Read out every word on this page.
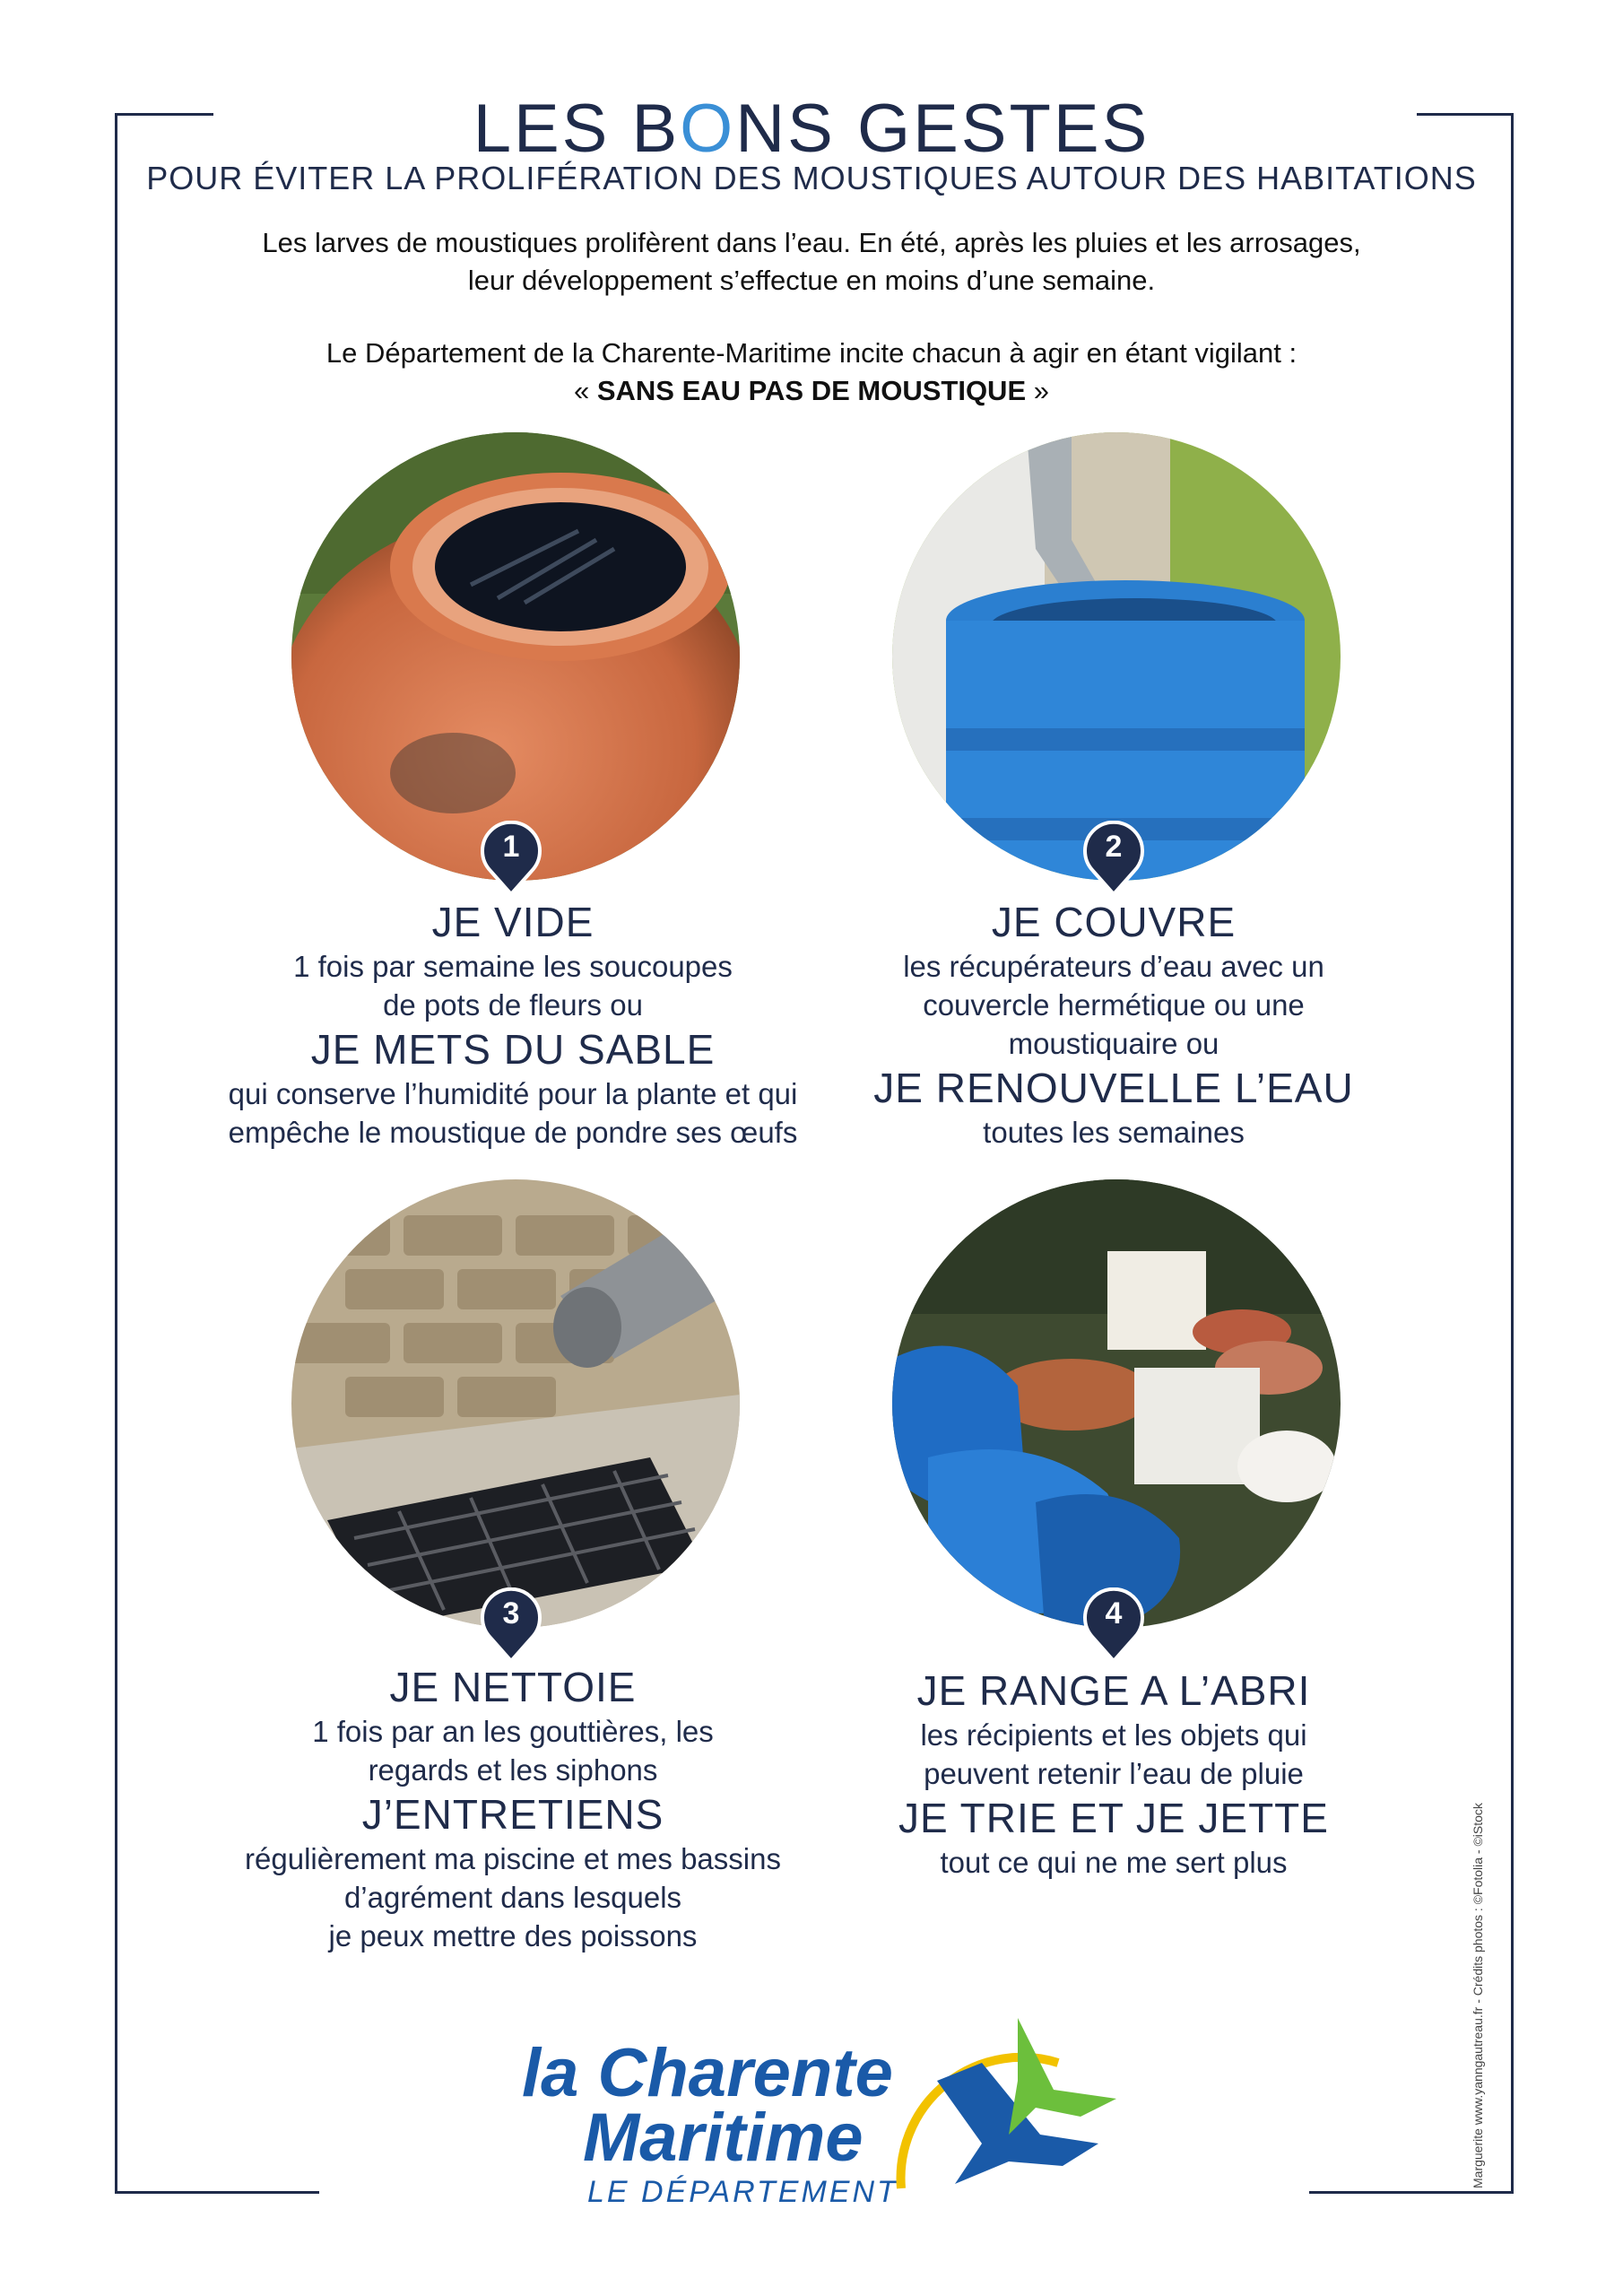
LES BONS GESTES
POUR ÉVITER LA PROLIFÉRATION DES MOUSTIQUES AUTOUR DES HABITATIONS
Les larves de moustiques prolifèrent dans l’eau. En été, après les pluies et les arrosages,
leur développement s’effectue en moins d’une semaine.
Le Département de la Charente-Maritime incite chacun à agir en étant vigilant :
« SANS EAU PAS DE MOUSTIQUE »
1	2
3	4
JE VIDE
1 fois par semaine les soucoupes
de pots de fleurs ou
JE METS DU SABLE
qui conserve l’humidité pour la plante et qui
empêche le moustique de pondre ses œufs
JE COUVRE
les récupérateurs d’eau avec un
couvercle hermétique ou une
moustiquaire ou
JE RENOUVELLE L’EAU
toutes les semaines
JE NETTOIE
1 fois par an les gouttières, les
regards et les siphons
J’ENTRETIENS
régulièrement ma piscine et mes bassins
d’agrément dans lesquels
je peux mettre des poissons
JE RANGE A L’ABRI
les récipients et les objets qui
peuvent retenir l’eau de pluie
JE TRIE ET JE JETTE
tout ce qui ne me sert plus	Marguerite www.yanngautreau.fr - Crédits photos : ©Fotolia - ©iStock
la Charente
Maritime
LE DÉPARTEMENT
